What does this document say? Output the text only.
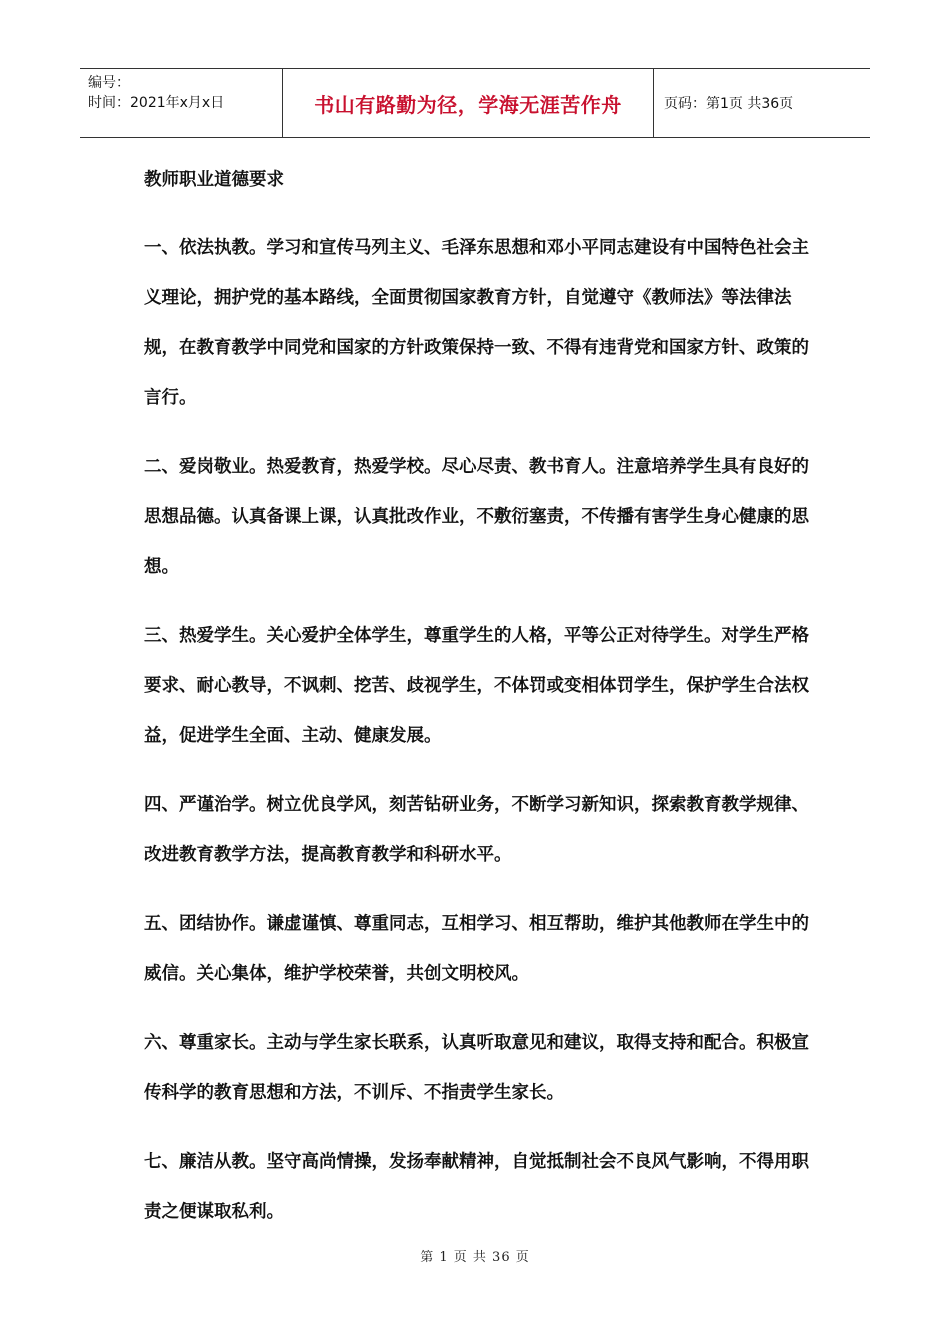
编号：
时间：2021年x月x日	书山有路勤为径，学海无涯苦作舟	页码：第1页 共36页
教师职业道德要求
一、依法执教。学习和宣传马列主义、毛泽东思想和邓小平同志建设有中国特色社会主义理论，拥护党的基本路线，全面贯彻国家教育方针，自觉遵守《教师法》等法律法规，在教育教学中同党和国家的方针政策保持一致、不得有违背党和国家方针、政策的言行。
二、爱岗敬业。热爱教育，热爱学校。尽心尽责、教书育人。注意培养学生具有良好的思想品德。认真备课上课，认真批改作业，不敷衍塞责，不传播有害学生身心健康的思想。
三、热爱学生。关心爱护全体学生，尊重学生的人格，平等公正对待学生。对学生严格要求、耐心教导，不讽刺、挖苦、歧视学生，不体罚或变相体罚学生，保护学生合法权益，促进学生全面、主动、健康发展。
四、严谨治学。树立优良学风，刻苦钻研业务，不断学习新知识，探索教育教学规律、改进教育教学方法，提高教育教学和科研水平。
五、团结协作。谦虚谨慎、尊重同志，互相学习、相互帮助，维护其他教师在学生中的威信。关心集体，维护学校荣誉，共创文明校风。
六、尊重家长。主动与学生家长联系，认真听取意见和建议，取得支持和配合。积极宣传科学的教育思想和方法，不训斥、不指责学生家长。
七、廉洁从教。坚守高尚情操，发扬奉献精神，自觉抵制社会不良风气影响，不得用职责之便谋取私利。
第 1 页 共 36 页
